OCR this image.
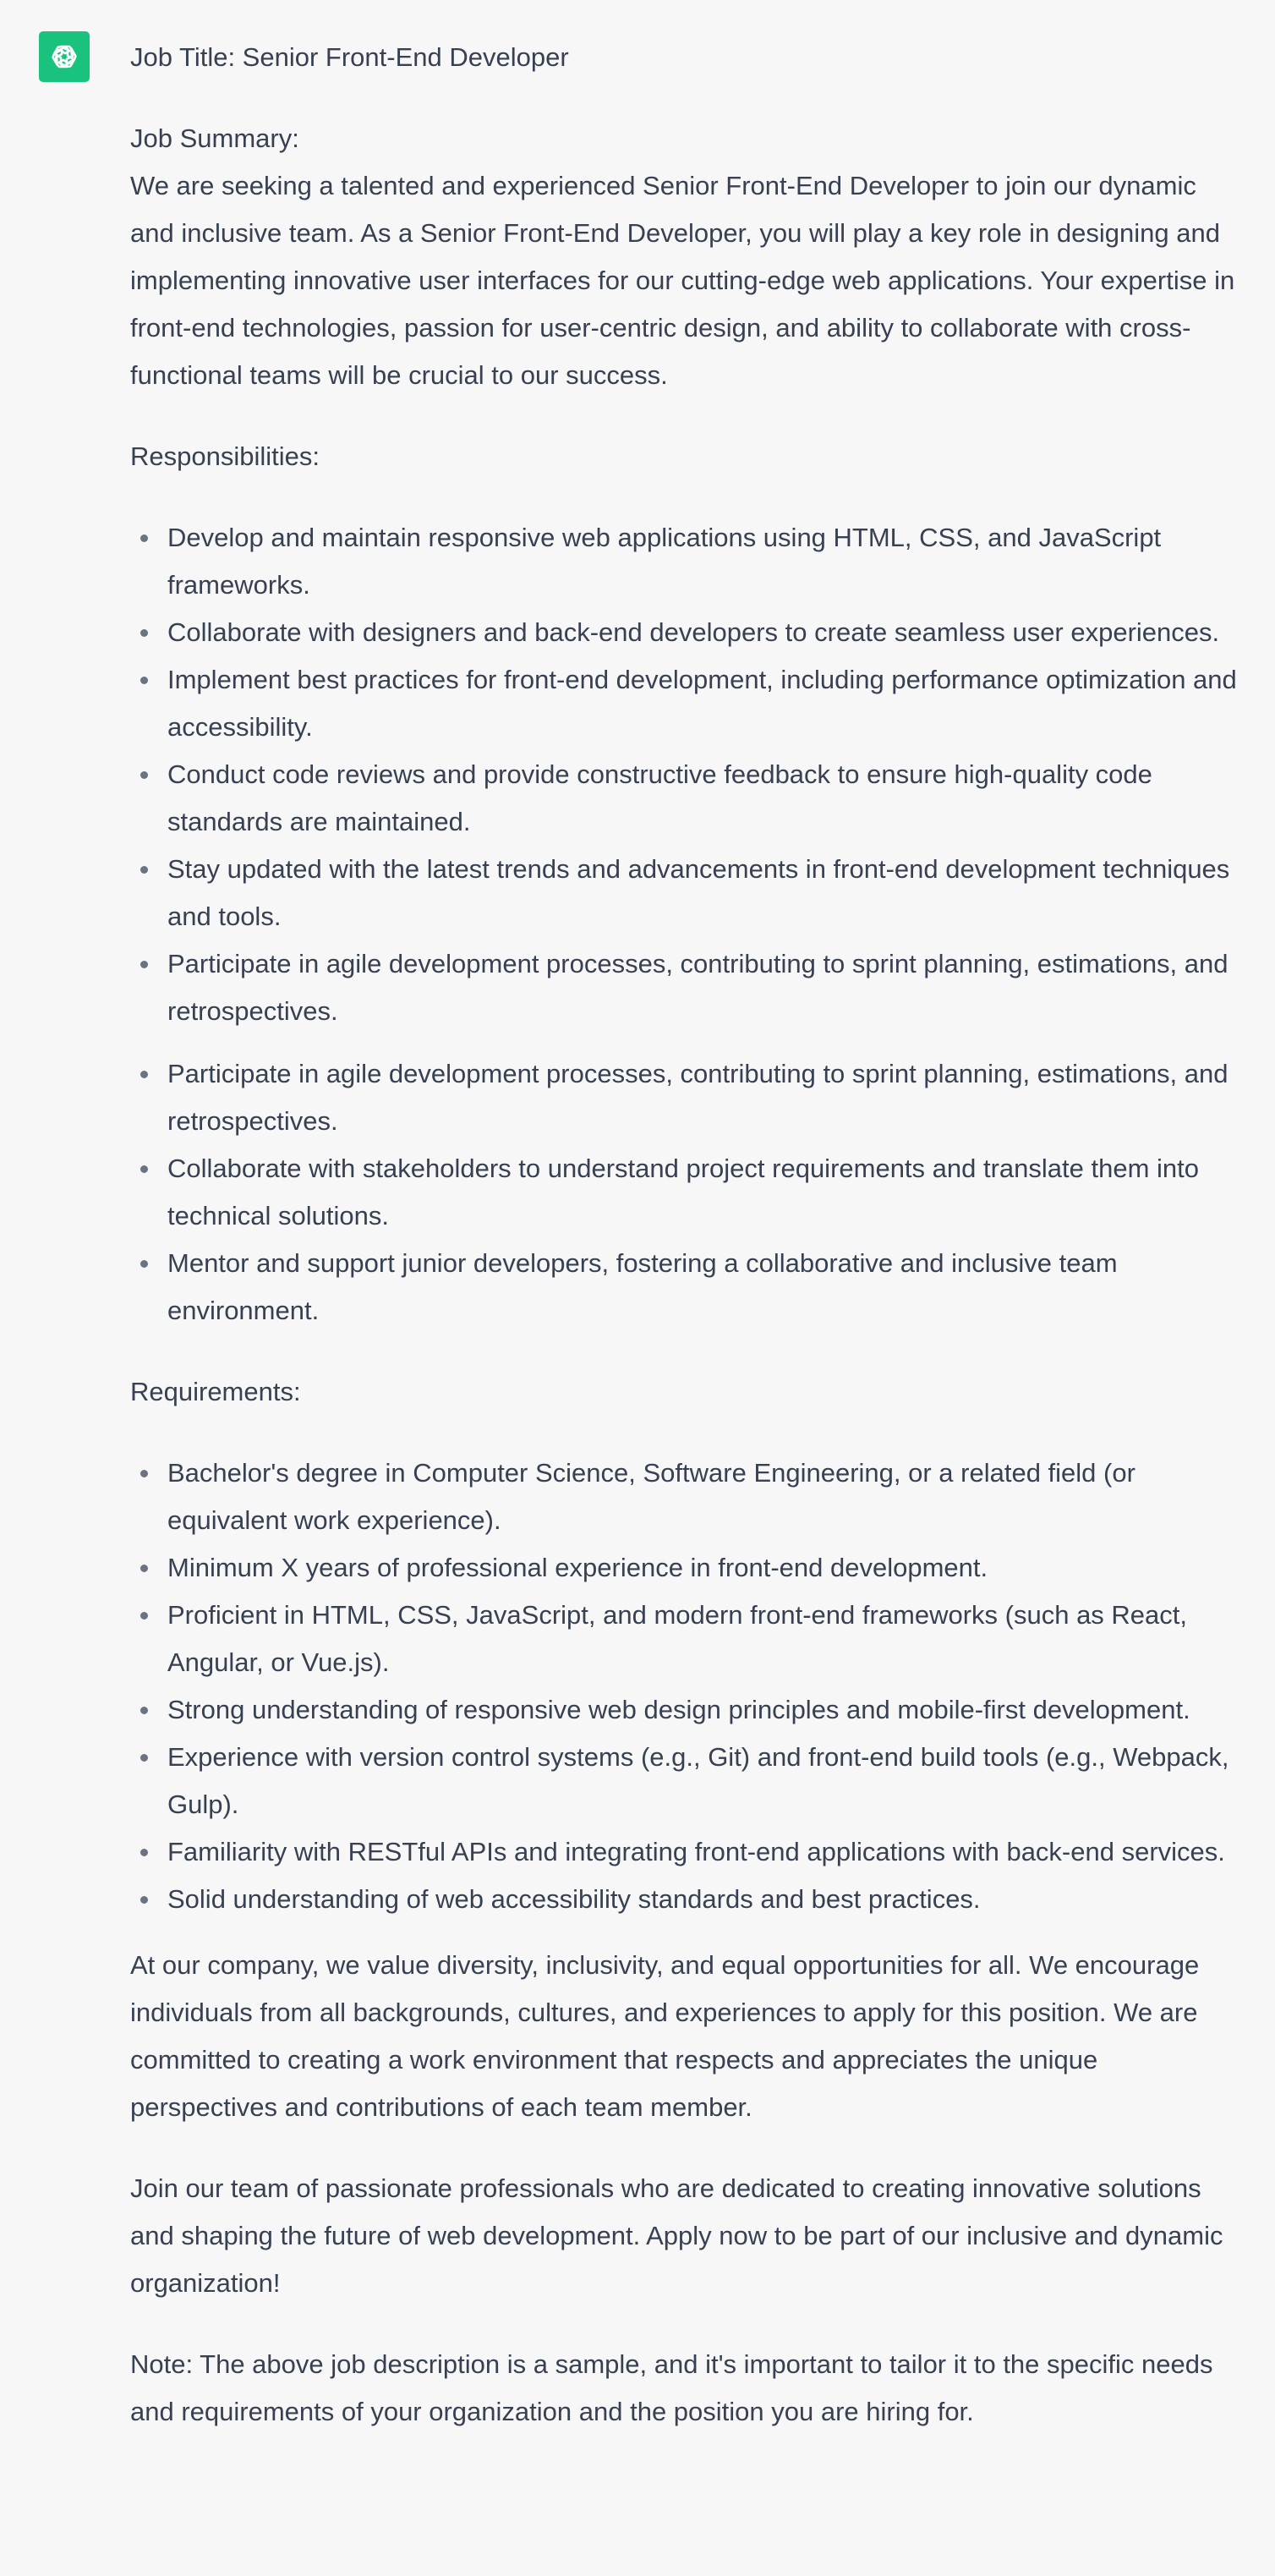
Job Title: Senior Front-End Developer

Job Summary:
We are seeking a talented and experienced Senior Front-End Developer to join our dynamic and inclusive team. As a Senior Front-End Developer, you will play a key role in designing and implementing innovative user interfaces for our cutting-edge web applications. Your expertise in front-end technologies, passion for user-centric design, and ability to collaborate with cross-functional teams will be crucial to our success.

Responsibilities:
Develop and maintain responsive web applications using HTML, CSS, and JavaScript frameworks.
Collaborate with designers and back-end developers to create seamless user experiences.
Implement best practices for front-end development, including performance optimization and accessibility.
Conduct code reviews and provide constructive feedback to ensure high-quality code standards are maintained.
Stay updated with the latest trends and advancements in front-end development techniques and tools.
Participate in agile development processes, contributing to sprint planning, estimations, and retrospectives.
Participate in agile development processes, contributing to sprint planning, estimations, and retrospectives.
Collaborate with stakeholders to understand project requirements and translate them into technical solutions.
Mentor and support junior developers, fostering a collaborative and inclusive team environment.
Requirements:
Bachelor's degree in Computer Science, Software Engineering, or a related field (or equivalent work experience).
Minimum X years of professional experience in front-end development.
Proficient in HTML, CSS, JavaScript, and modern front-end frameworks (such as React, Angular, or Vue.js).
Strong understanding of responsive web design principles and mobile-first development.
Experience with version control systems (e.g., Git) and front-end build tools (e.g., Webpack, Gulp).
Familiarity with RESTful APIs and integrating front-end applications with back-end services.
Solid understanding of web accessibility standards and best practices.

At our company, we value diversity, inclusivity, and equal opportunities for all. We encourage individuals from all backgrounds, cultures, and experiences to apply for this position. We are committed to creating a work environment that respects and appreciates the unique perspectives and contributions of each team member.

Join our team of passionate professionals who are dedicated to creating innovative solutions and shaping the future of web development. Apply now to be part of our inclusive and dynamic organization!

Note: The above job description is a sample, and it's important to tailor it to the specific needs and requirements of your organization and the position you are hiring for.
